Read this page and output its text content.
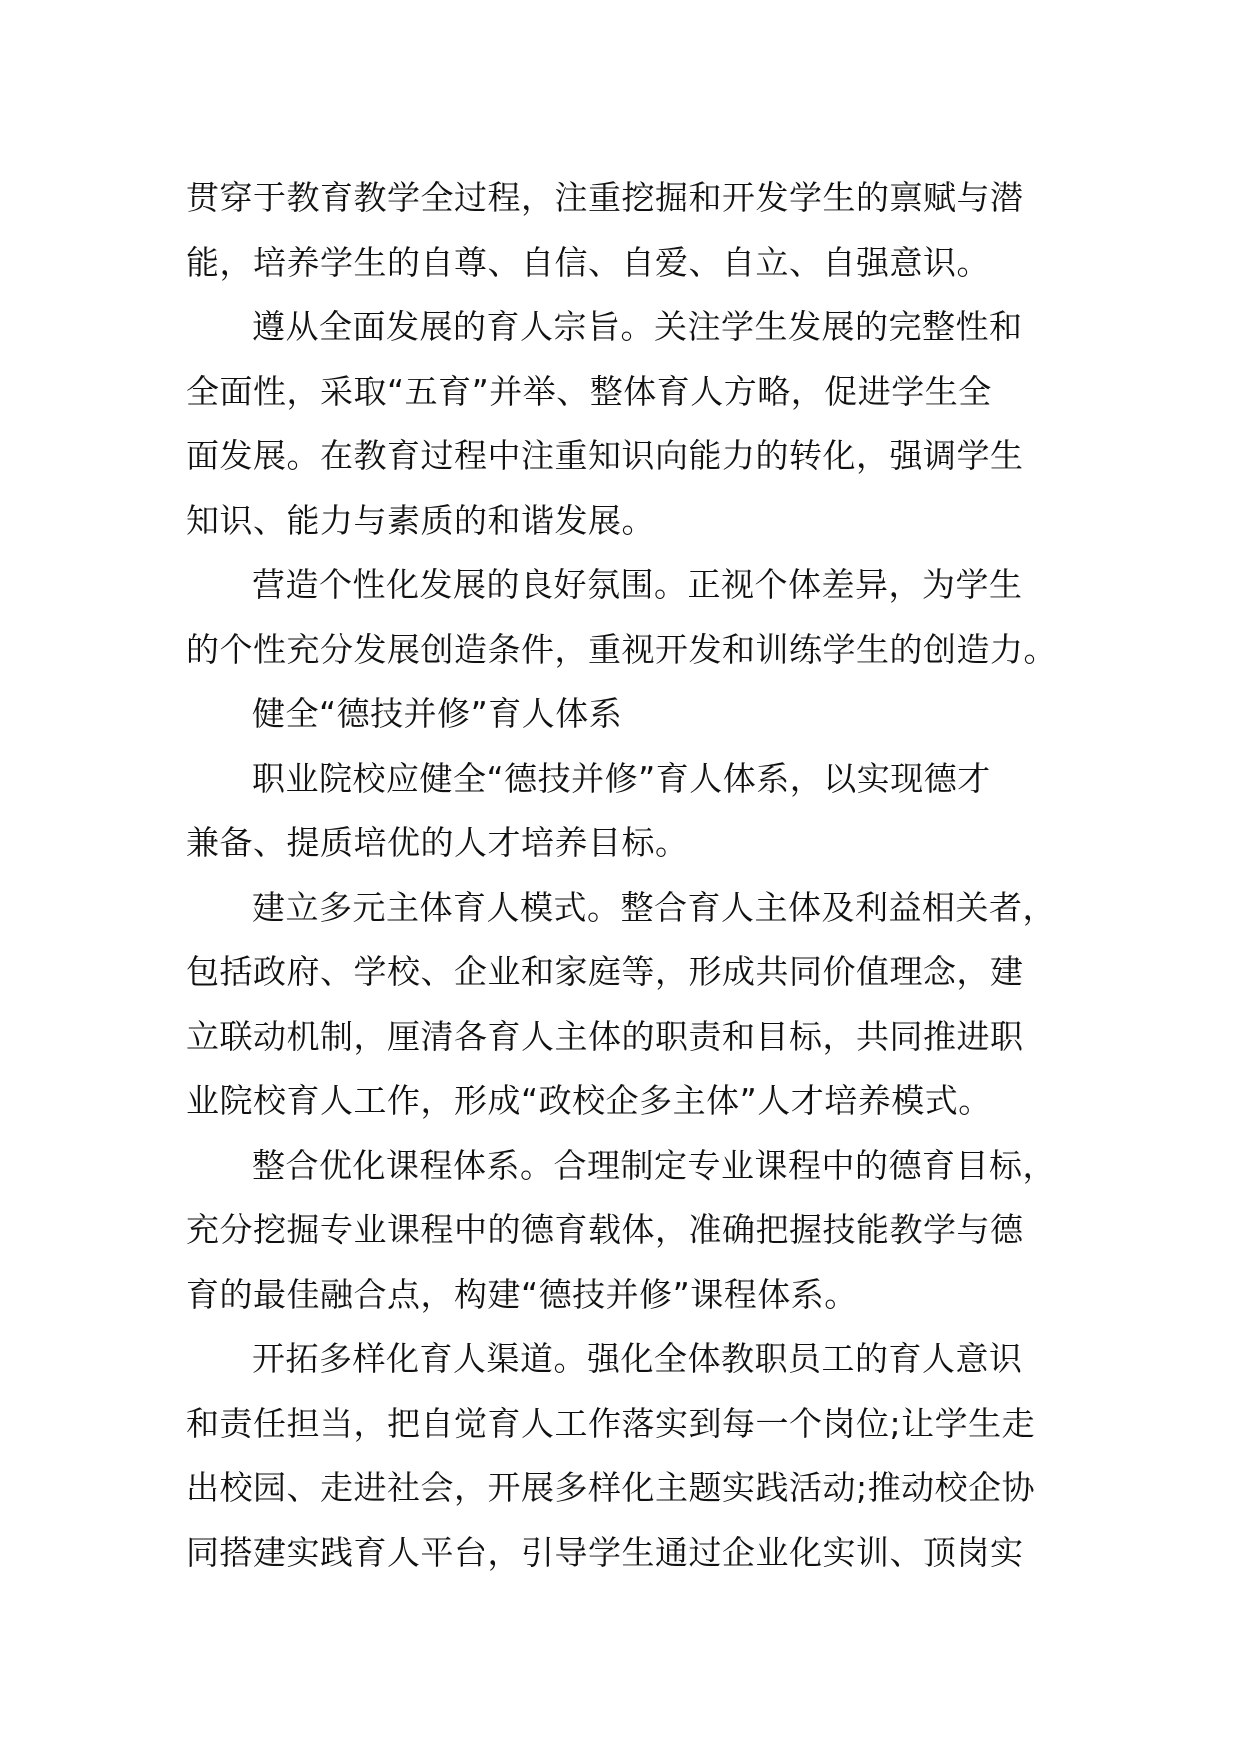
贯穿于教育教学全过程，注重挖掘和开发学生的禀赋与潜
能，培养学生的自尊、自信、自爱、自立、自强意识。
遵从全面发展的育人宗旨。关注学生发展的完整性和
全面性，采取“五育”并举、整体育人方略，促进学生全
面发展。在教育过程中注重知识向能力的转化，强调学生
知识、能力与素质的和谐发展。
营造个性化发展的良好氛围。正视个体差异，为学生
的个性充分发展创造条件，重视开发和训练学生的创造力。
健全“德技并修”育人体系
职业院校应健全“德技并修”育人体系，以实现德才
兼备、提质培优的人才培养目标。
建立多元主体育人模式。整合育人主体及利益相关者，
包括政府、学校、企业和家庭等，形成共同价值理念，建
立联动机制，厘清各育人主体的职责和目标，共同推进职
业院校育人工作，形成“政校企多主体”人才培养模式。
整合优化课程体系。合理制定专业课程中的德育目标，
充分挖掘专业课程中的德育载体，准确把握技能教学与德
育的最佳融合点，构建“德技并修”课程体系。
开拓多样化育人渠道。强化全体教职员工的育人意识
和责任担当，把自觉育人工作落实到每一个岗位;让学生走
出校园、走进社会，开展多样化主题实践活动;推动校企协
同搭建实践育人平台，引导学生通过企业化实训、顶岗实
